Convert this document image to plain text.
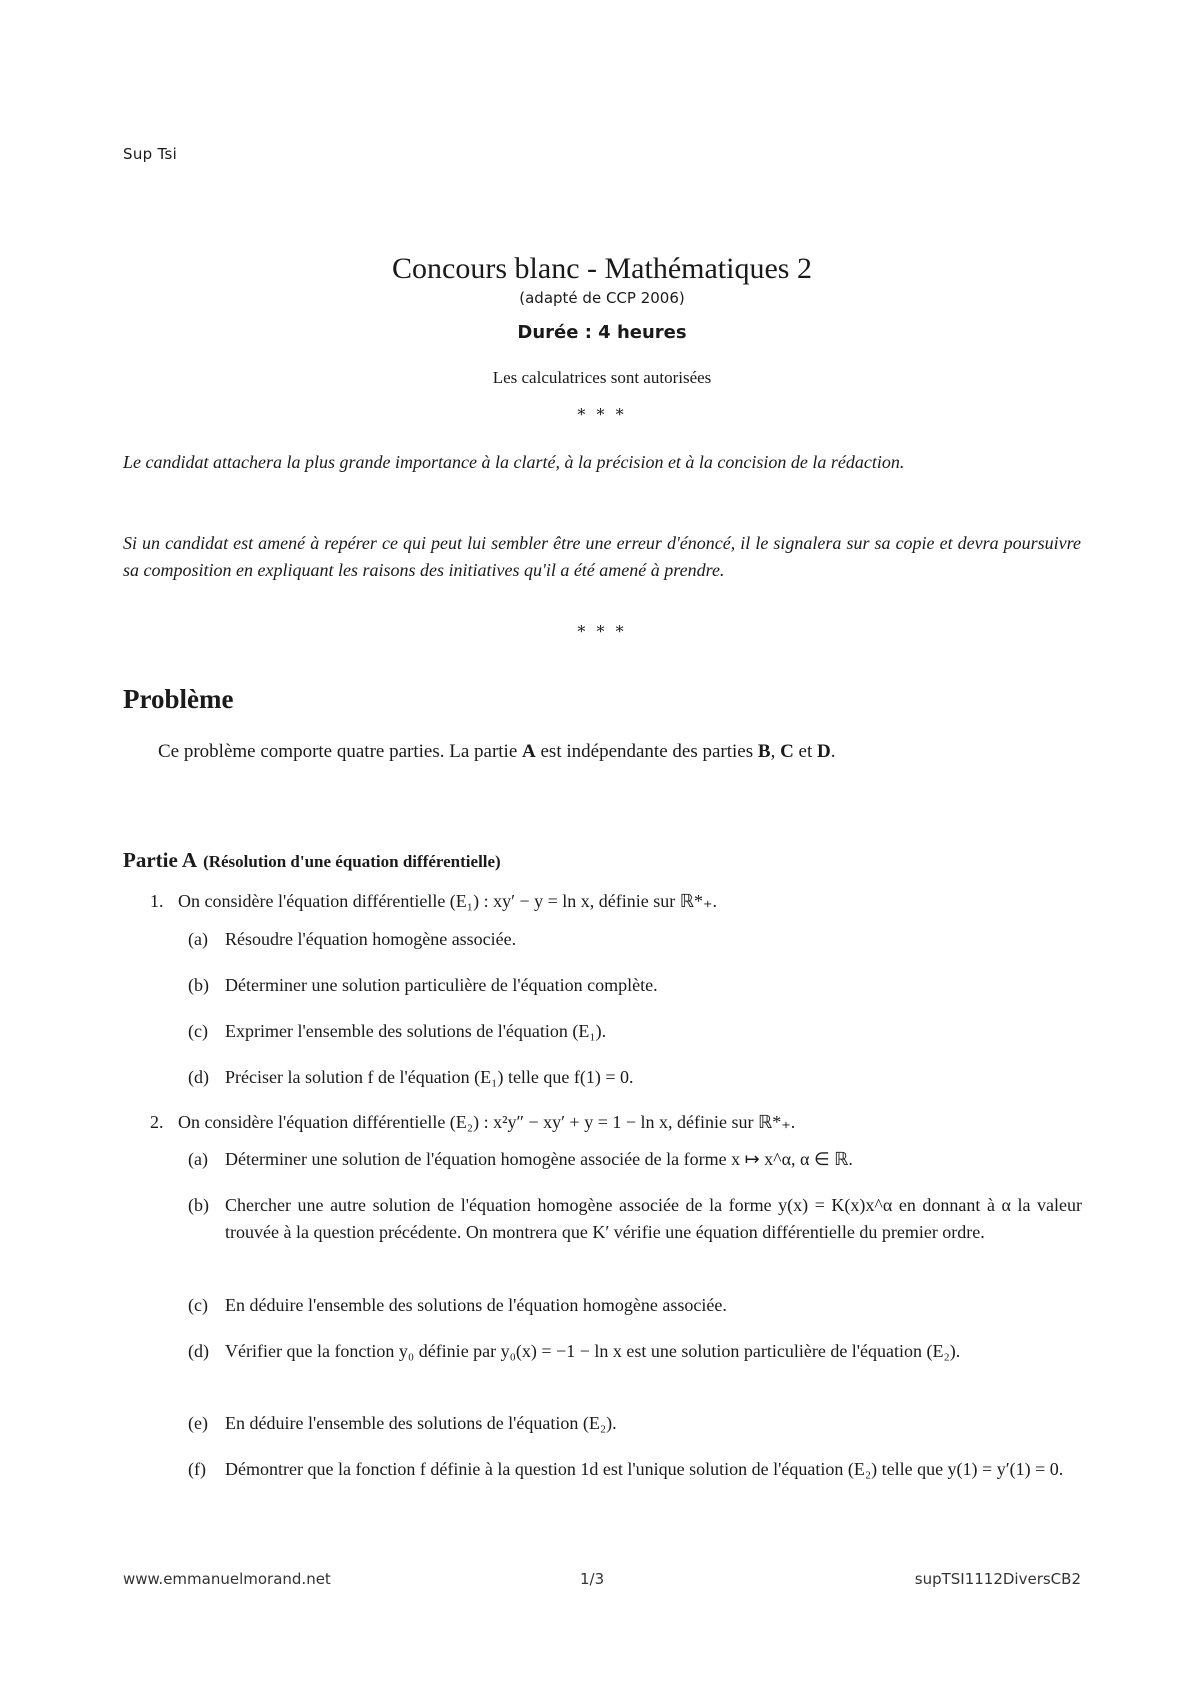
Sup Tsi
Concours blanc - Mathématiques 2
(adapté de CCP 2006)
Durée : 4 heures
Les calculatrices sont autorisées
* * *
Le candidat attachera la plus grande importance à la clarté, à la précision et à la concision de la rédaction.
Si un candidat est amené à repérer ce qui peut lui sembler être une erreur d'énoncé, il le signalera sur sa copie et devra poursuivre sa composition en expliquant les raisons des initiatives qu'il a été amené à prendre.
* * *
Problème
Ce problème comporte quatre parties. La partie A est indépendante des parties B, C et D.
Partie A (Résolution d'une équation différentielle)
1. On considère l'équation différentielle (E₁) : xy′ − y = ln x, définie sur ℝ*₊.
(a) Résoudre l'équation homogène associée.
(b) Déterminer une solution particulière de l'équation complète.
(c) Exprimer l'ensemble des solutions de l'équation (E₁).
(d) Préciser la solution f de l'équation (E₁) telle que f(1) = 0.
2. On considère l'équation différentielle (E₂) : x²y″ − xy′ + y = 1 − ln x, définie sur ℝ*₊.
(a) Déterminer une solution de l'équation homogène associée de la forme x ↦ x^α, α ∈ ℝ.
(b) Chercher une autre solution de l'équation homogène associée de la forme y(x) = K(x)x^α en donnant à α la valeur trouvée à la question précédente. On montrera que K′ vérifie une équation différentielle du premier ordre.
(c) En déduire l'ensemble des solutions de l'équation homogène associée.
(d) Vérifier que la fonction y₀ définie par y₀(x) = −1 − ln x est une solution particulière de l'équation (E₂).
(e) En déduire l'ensemble des solutions de l'équation (E₂).
(f) Démontrer que la fonction f définie à la question 1d est l'unique solution de l'équation (E₂) telle que y(1) = y′(1) = 0.
www.emmanuelmorand.net	1/3	supTSI1112DiversCB2
